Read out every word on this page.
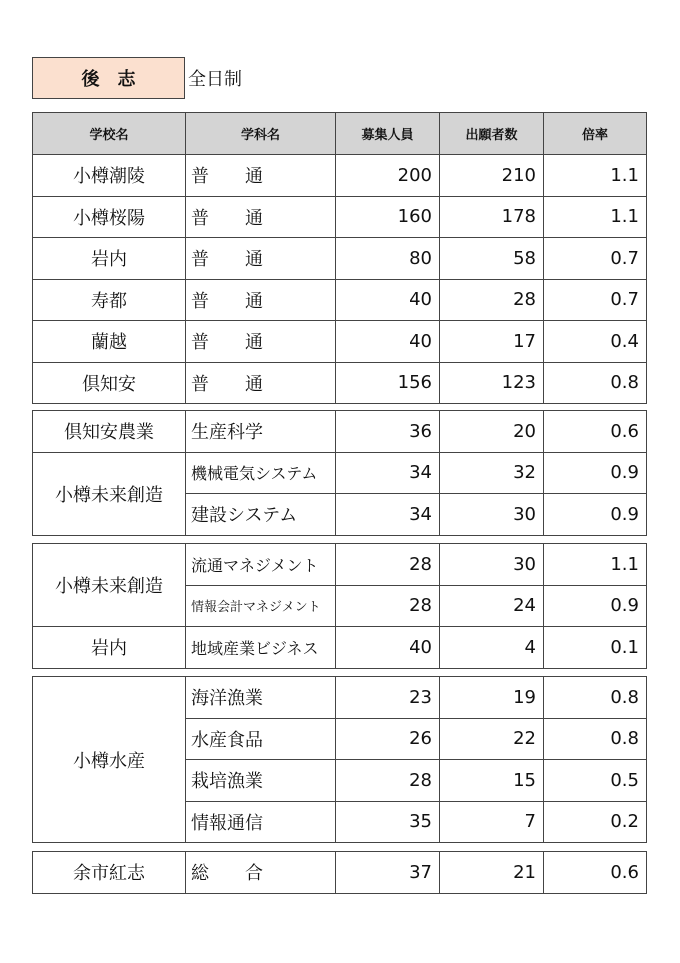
後志 全日制
学校名	学科名	募集人員	出願者数	倍率
小樽潮陵	普　　通	200	210	1.1
小樽桜陽	普　　通	160	178	1.1
岩内	普　　通	80	58	0.7
寿都	普　　通	40	28	0.7
蘭越	普　　通	40	17	0.4
倶知安	普　　通	156	123	0.8
倶知安農業	生産科学	36	20	0.6
小樽未来創造	機械電気システム	34	32	0.9
	建設システム	34	30	0.9
小樽未来創造	流通マネジメント	28	30	1.1
	情報会計マネジメント	28	24	0.9
岩内	地域産業ビジネス	40	4	0.1
小樽水産	海洋漁業	23	19	0.8
	水産食品	26	22	0.8
	栽培漁業	28	15	0.5
	情報通信	35	7	0.2
余市紅志	総　　合	37	21	0.6
